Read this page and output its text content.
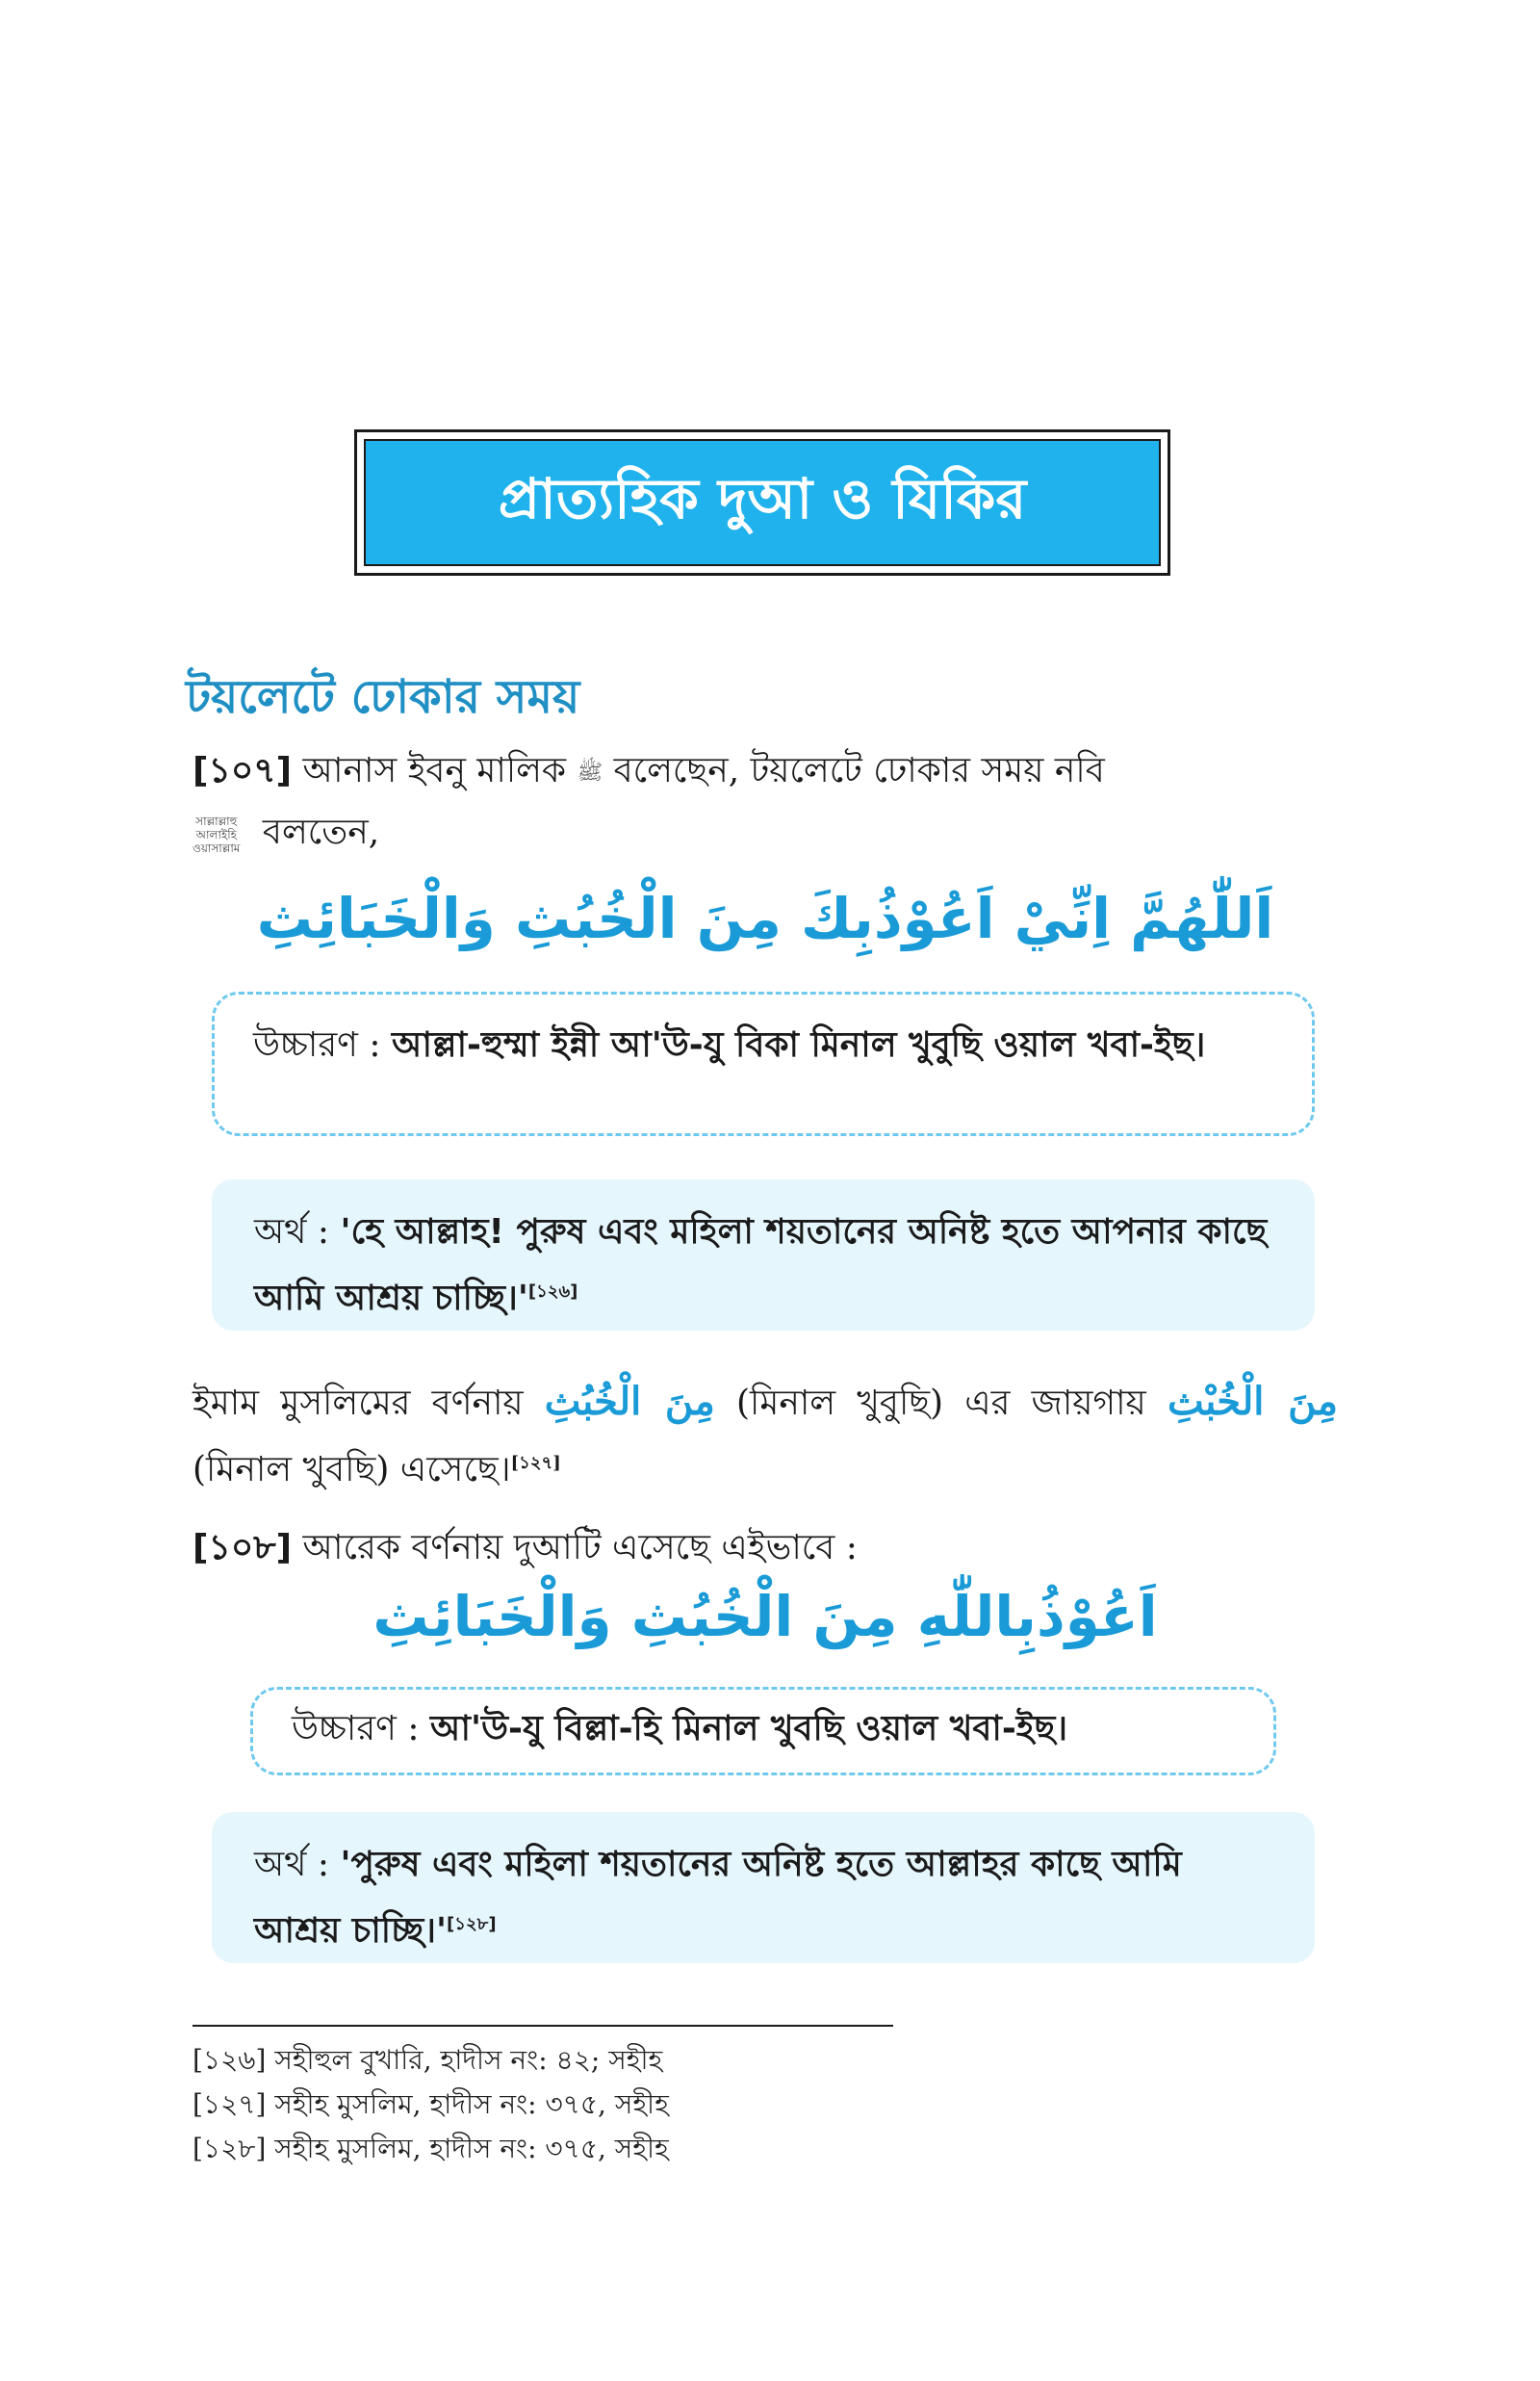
প্রাত্যহিক দুআ ও যিকির
টয়লেটে ঢোকার সময়
[১০৭] আনাস ইবনু মালিক ﷺ বলেছেন, টয়লেটে ঢোকার সময় নবি
সাল্লাল্লাহু
আলাইহি
ওয়াসাল্লাম বলতেন,
اَللّٰهُمَّ اِنِّيْ اَعُوْذُبِكَ مِنَ الْخُبُثِ وَالْخَبَائِثِ
উচ্চারণ : আল্লা-হুম্মা ইন্নী আ'উ-যু বিকা মিনাল খুবুছি ওয়াল খবা-ইছ।
অর্থ : 'হে আল্লাহ! পুরুষ এবং মহিলা শয়তানের অনিষ্ট হতে আপনার কাছে আমি আশ্রয় চাচ্ছি।'[১২৬]
ইমাম মুসলিমের বর্ণনায় مِنَ الْخُبُثِ (মিনাল খুবুছি) এর জায়গায় مِنَ الْخُبْثِ (মিনাল খুবছি) এসেছে।[১২৭]
[১০৮] আরেক বর্ণনায় দুআটি এসেছে এইভাবে :
اَعُوْذُبِاللّٰهِ مِنَ الْخُبُثِ وَالْخَبَائِثِ
উচ্চারণ : আ'উ-যু বিল্লা-হি মিনাল খুবছি ওয়াল খবা-ইছ।
অর্থ : 'পুরুষ এবং মহিলা শয়তানের অনিষ্ট হতে আল্লাহর কাছে আমি আশ্রয় চাচ্ছি।'[১২৮]
[১২৬] সহীহুল বুখারি, হাদীস নং: ৪২; সহীহ
[১২৭] সহীহ মুসলিম, হাদীস নং: ৩৭৫, সহীহ
[১২৮] সহীহ মুসলিম, হাদীস নং: ৩৭৫, সহীহ
